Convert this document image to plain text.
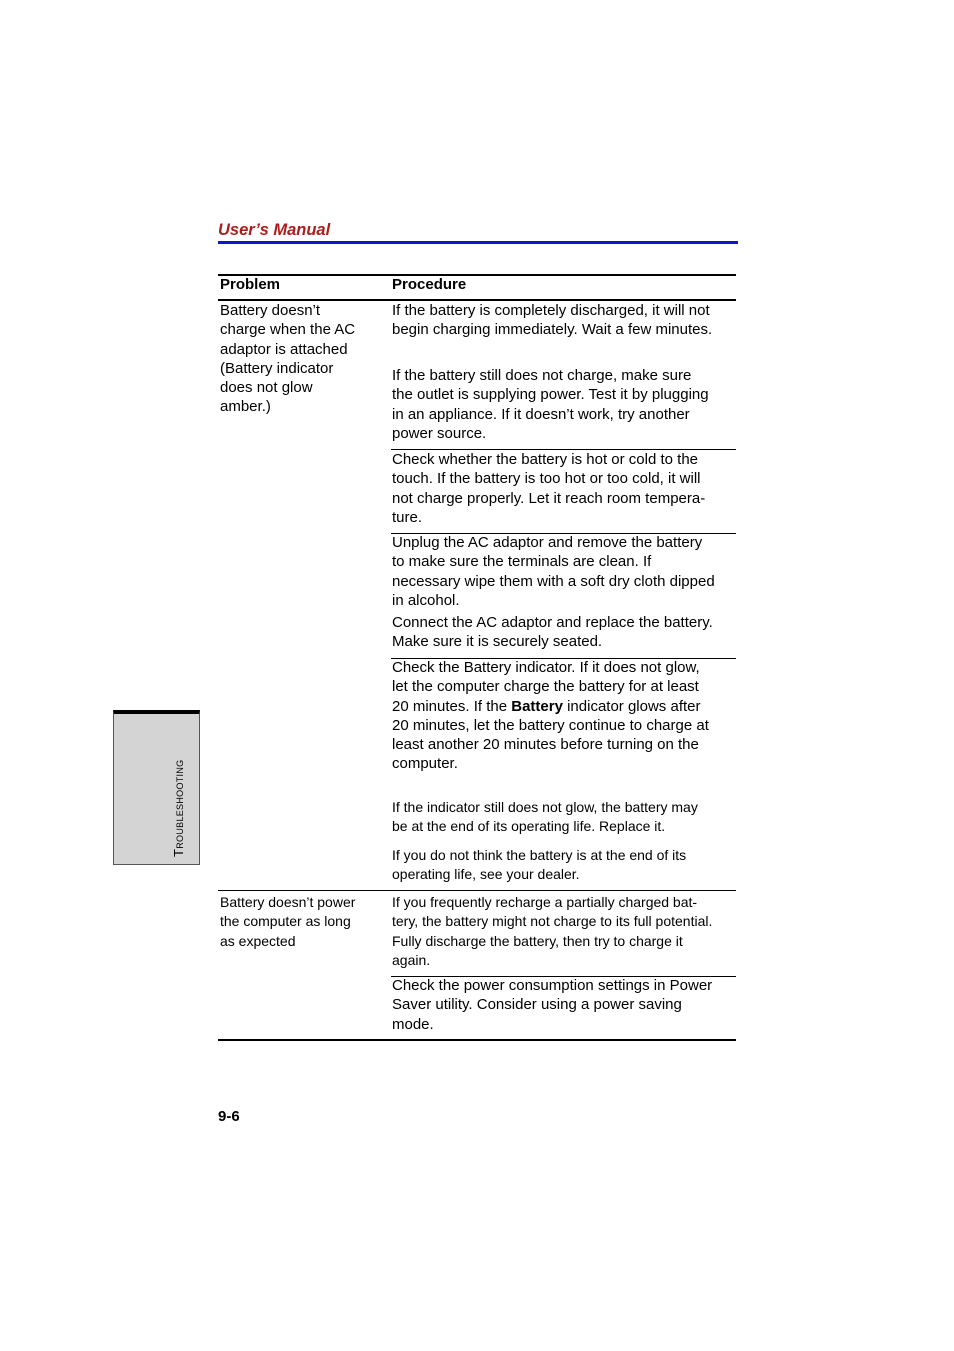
User’s Manual
Troubleshooting
Problem	Procedure
Battery doesn’t
charge when the AC
adaptor is attached
(Battery indicator
does not glow
amber.)
If the battery is completely discharged, it will not
begin charging immediately. Wait a few minutes.
If the battery still does not charge, make sure
the outlet is supplying power. Test it by plugging
in an appliance. If it doesn’t work, try another
power source.
Check whether the battery is hot or cold to the
touch. If the battery is too hot or too cold, it will
not charge properly. Let it reach room tempera-
ture.
Unplug the AC adaptor and remove the battery
to make sure the terminals are clean. If
necessary wipe them with a soft dry cloth dipped
in alcohol.
Connect the AC adaptor and replace the battery.
Make sure it is securely seated.
Check the Battery indicator. If it does not glow,
let the computer charge the battery for at least
20 minutes. If the Battery indicator glows after
20 minutes, let the battery continue to charge at
least another 20 minutes before turning on the
computer.
If the indicator still does not glow, the battery may
be at the end of its operating life. Replace it.
If you do not think the battery is at the end of its
operating life, see your dealer.
Battery doesn’t power
the computer as long
as expected
If you frequently recharge a partially charged bat-
tery, the battery might not charge to its full potential.
Fully discharge the battery, then try to charge it
again.
Check the power consumption settings in Power
Saver utility. Consider using a power saving
mode.
9-6
